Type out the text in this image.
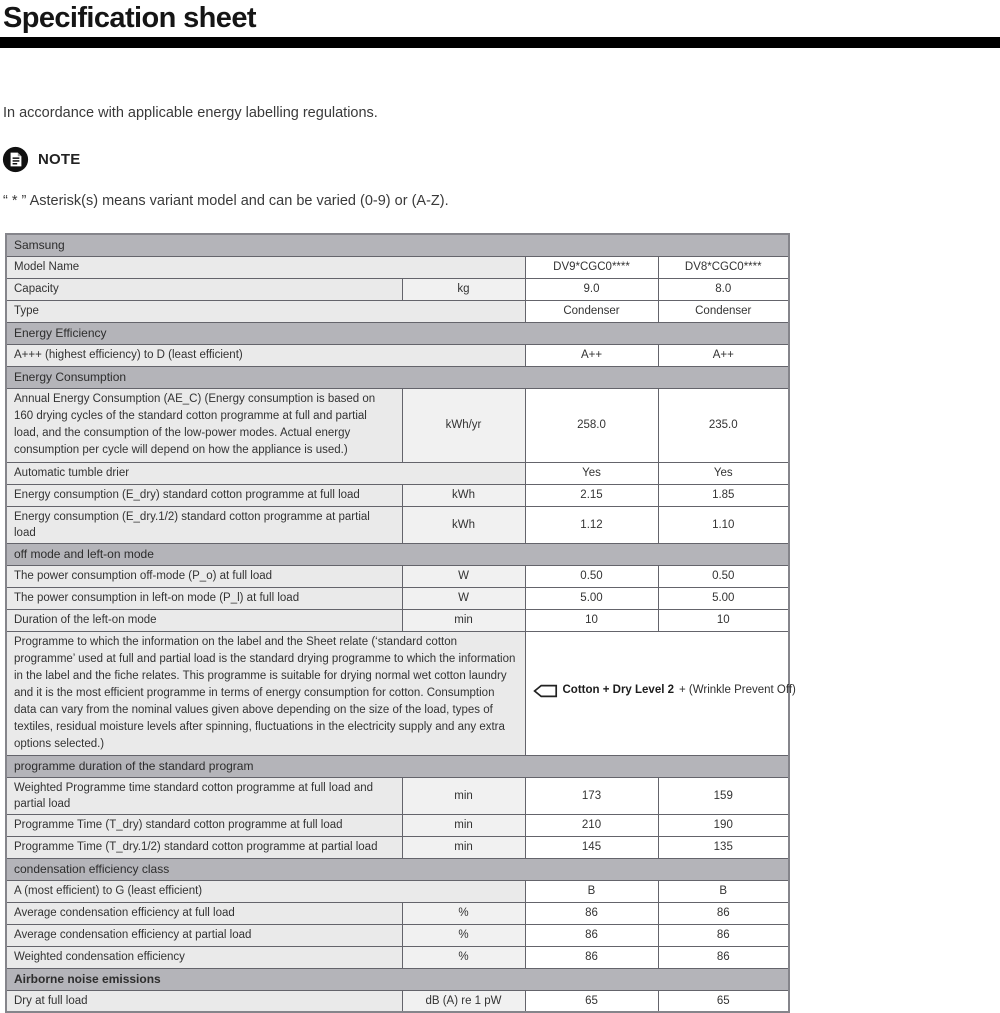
Specification sheet
In accordance with applicable energy labelling regulations.
NOTE
“ * ” Asterisk(s) means variant model and can be varied (0-9) or (A-Z).
Samsung			
Model Name		DV9*CGC0****	DV8*CGC0****
Capacity	kg	9.0	8.0
Type		Condenser	Condenser
Energy Efficiency			
A+++ (highest efficiency) to D (least efficient)		A++	A++
Energy Consumption			
Annual Energy Consumption (AE_C) (Energy consumption is based on 160 drying cycles of the standard cotton programme at full and partial load, and the consumption of the low-power modes. Actual energy consumption per cycle will depend on how the appliance is used.)	kWh/yr	258.0	235.0
Automatic tumble drier		Yes	Yes
Energy consumption (E_dry) standard cotton programme at full load	kWh	2.15	1.85
Energy consumption (E_dry.1/2) standard cotton programme at partial load	kWh	1.12	1.10
off mode and left-on mode			
The power consumption off-mode (P_o) at full load	W	0.50	0.50
The power consumption in left-on mode (P_l) at full load	W	5.00	5.00
Duration of the left-on mode	min	10	10
Programme to which the information on the label and the Sheet relate (‘standard cotton programme’ used at full and partial load is the standard drying programme to which the information in the label and the fiche relates. This programme is suitable for drying normal wet cotton laundry and it is the most efficient programme in terms of energy consumption for cotton. Consumption data can vary from the nominal values given above depending on the size of the load, types of textiles, residual moisture levels after spinning, fluctuations in the electricity supply and any extra options selected.)		Cotton + Dry Level 2 + (Wrinkle Prevent Off)	

programme duration of the standard program			
Weighted Programme time standard cotton programme at full load and partial load	min	173	159
Programme Time (T_dry) standard cotton programme at full load	min	210	190
Programme Time (T_dry.1/2) standard cotton programme at partial load	min	145	135
condensation efficiency class			
A (most efficient) to G (least efficient)		B	B
Average condensation efficiency at full load	%	86	86
Average condensation efficiency at partial load	%	86	86
Weighted condensation efficiency	%	86	86
Airborne noise emissions			
Dry at full load	dB (A) re 1 pW	65	65
